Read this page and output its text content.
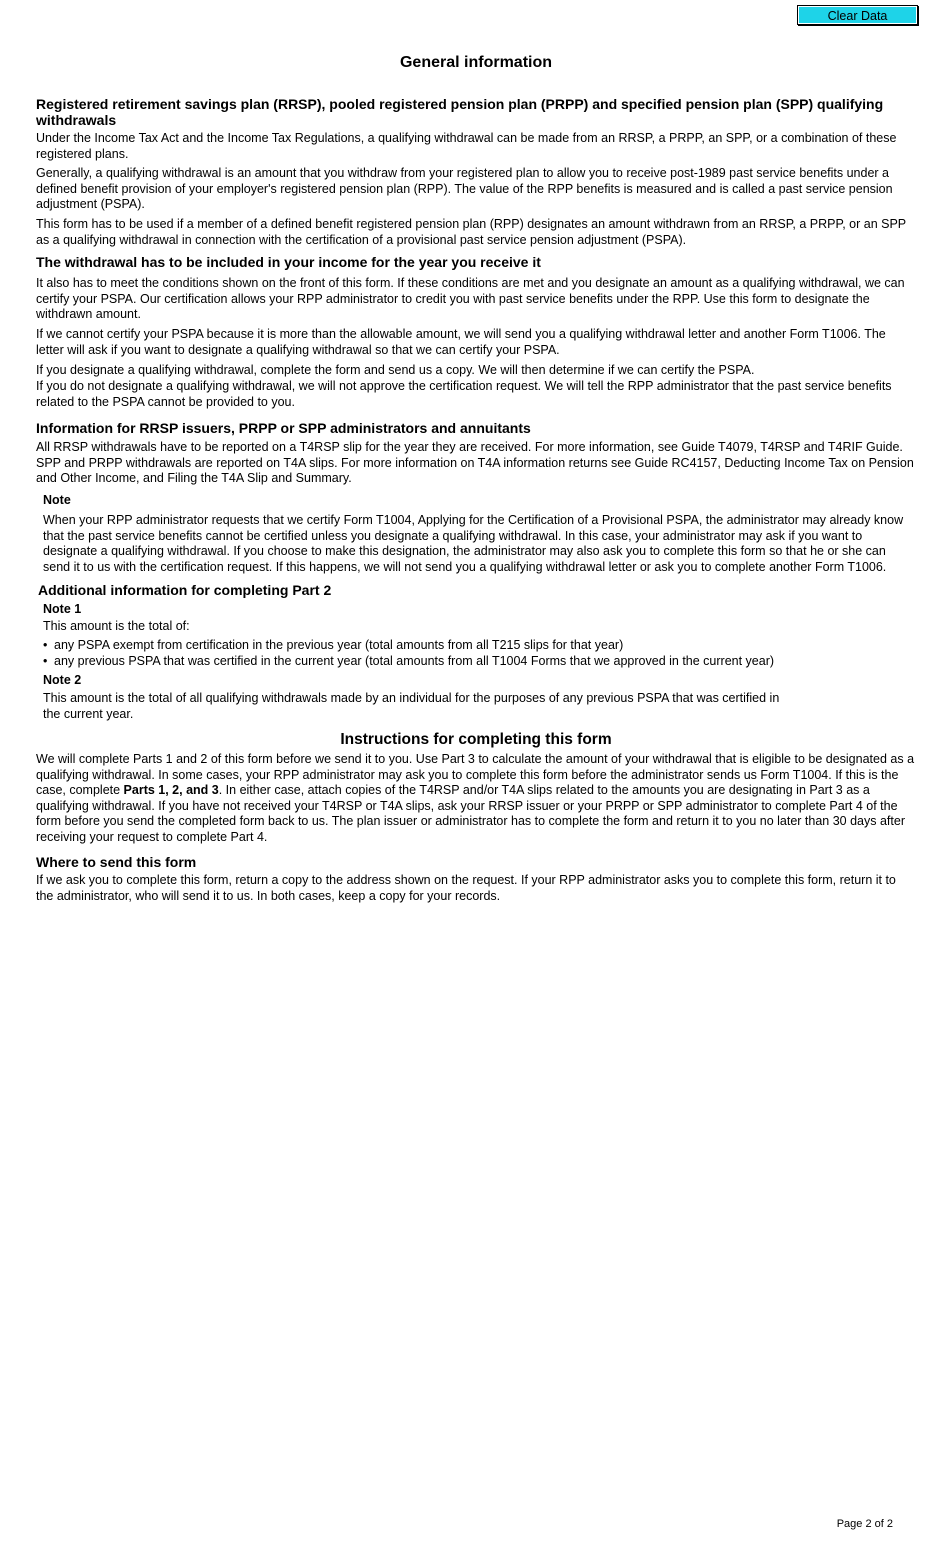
Clear Data
General information
Registered retirement savings plan (RRSP), pooled registered pension plan (PRPP) and specified pension plan (SPP) qualifying withdrawals

Under the Income Tax Act and the Income Tax Regulations, a qualifying withdrawal can be made from an RRSP, a PRPP, an SPP, or a combination of these registered plans.

Generally, a qualifying withdrawal is an amount that you withdraw from your registered plan to allow you to receive post-1989 past service benefits under a defined benefit provision of your employer's registered pension plan (RPP). The value of the RPP benefits is measured and is called a past service pension adjustment (PSPA).

This form has to be used if a member of a defined benefit registered pension plan (RPP) designates an amount withdrawn from an RRSP, a PRPP, or an SPP as a qualifying withdrawal in connection with the certification of a provisional past service pension adjustment (PSPA).

The withdrawal has to be included in your income for the year you receive it

It also has to meet the conditions shown on the front of this form. If these conditions are met and you designate an amount as a qualifying withdrawal, we can certify your PSPA. Our certification allows your RPP administrator to credit you with past service benefits under the RPP. Use this form to designate the withdrawn amount.

If we cannot certify your PSPA because it is more than the allowable amount, we will send you a qualifying withdrawal letter and another Form T1006. The letter will ask if you want to designate a qualifying withdrawal so that we can certify your PSPA.

If you designate a qualifying withdrawal, complete the form and send us a copy. We will then determine if we can certify the PSPA.

If you do not designate a qualifying withdrawal, we will not approve the certification request. We will tell the RPP administrator that the past service benefits related to the PSPA cannot be provided to you.

Information for RRSP issuers, PRPP or SPP administrators and annuitants

All RRSP withdrawals have to be reported on a T4RSP slip for the year they are received. For more information, see Guide T4079, T4RSP and T4RIF Guide. SPP and PRPP withdrawals are reported on T4A slips. For more information on T4A information returns see Guide RC4157, Deducting Income Tax on Pension and Other Income, and Filing the T4A Slip and Summary.

Note

When your RPP administrator requests that we certify Form T1004, Applying for the Certification of a Provisional PSPA, the administrator may already know that the past service benefits cannot be certified unless you designate a qualifying withdrawal. In this case, your administrator may ask if you want to designate a qualifying withdrawal. If you choose to make this designation, the administrator may also ask you to complete this form so that he or she can send it to us with the certification request. If this happens, we will not send you a qualifying withdrawal letter or ask you to complete another Form T1006.

Additional information for completing Part 2
Note 1

This amount is the total of:

• any PSPA exempt from certification in the previous year (total amounts from all T215 slips for that year)

• any previous PSPA that was certified in the current year (total amounts from all T1004 Forms that we approved in the current year)

Note 2

This amount is the total of all qualifying withdrawals made by an individual for the purposes of any previous PSPA that was certified in the current year.

Instructions for completing this form

We will complete Parts 1 and 2 of this form before we send it to you. Use Part 3 to calculate the amount of your withdrawal that is eligible to be designated as a qualifying withdrawal. In some cases, your RPP administrator may ask you to complete this form before the administrator sends us Form T1004. If this is the case, complete Parts 1, 2, and 3. In either case, attach copies of the T4RSP and/or T4A slips related to the amounts you are designating in Part 3 as a qualifying withdrawal. If you have not received your T4RSP or T4A slips, ask your RRSP issuer or your PRPP or SPP administrator to complete Part 4 of the form before you send the completed form back to us. The plan issuer or administrator has to complete the form and return it to you no later than 30 days after receiving your request to complete Part 4.

Where to send this form

If we ask you to complete this form, return a copy to the address shown on the request. If your RPP administrator asks you to complete this form, return it to the administrator, who will send it to us. In both cases, keep a copy for your records.

Page 2 of 2
